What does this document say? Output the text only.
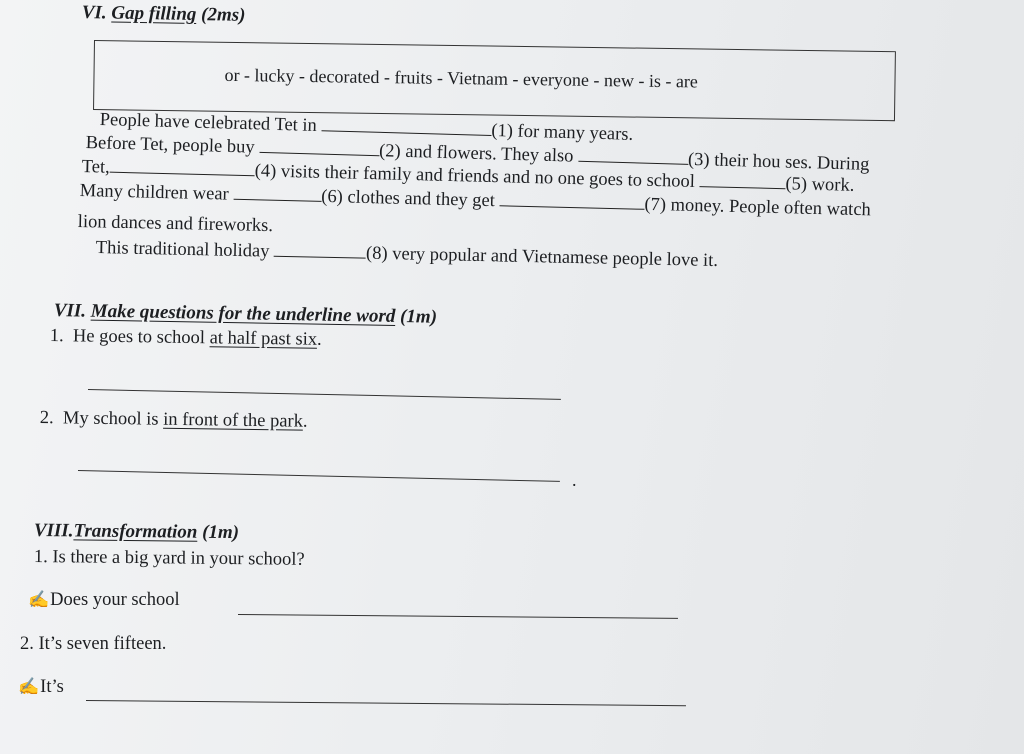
VI. Gap filling (2ms)
or - lucky - decorated - fruits - Vietnam - everyone - new - is - are
People have celebrated Tet in	(1) for many years.
Before Tet, people buy	(2) and flowers. They also	(3) their hou ses. During
Tet,	(4) visits their family and friends and no one goes to school	(5) work.
Many children wear	(6) clothes and they get	(7) money. People often watch
lion dances and fireworks.
This traditional holiday	(8) very popular and Vietnamese people love it.
VII. Make questions for the underline word (1m)
1. He goes to school at half past six.
2. My school is in front of the park.
.
VIII.Transformation (1m)
1. Is there a big yard in your school?
✍Does your school
2. It’s seven fifteen.
✍It’s
